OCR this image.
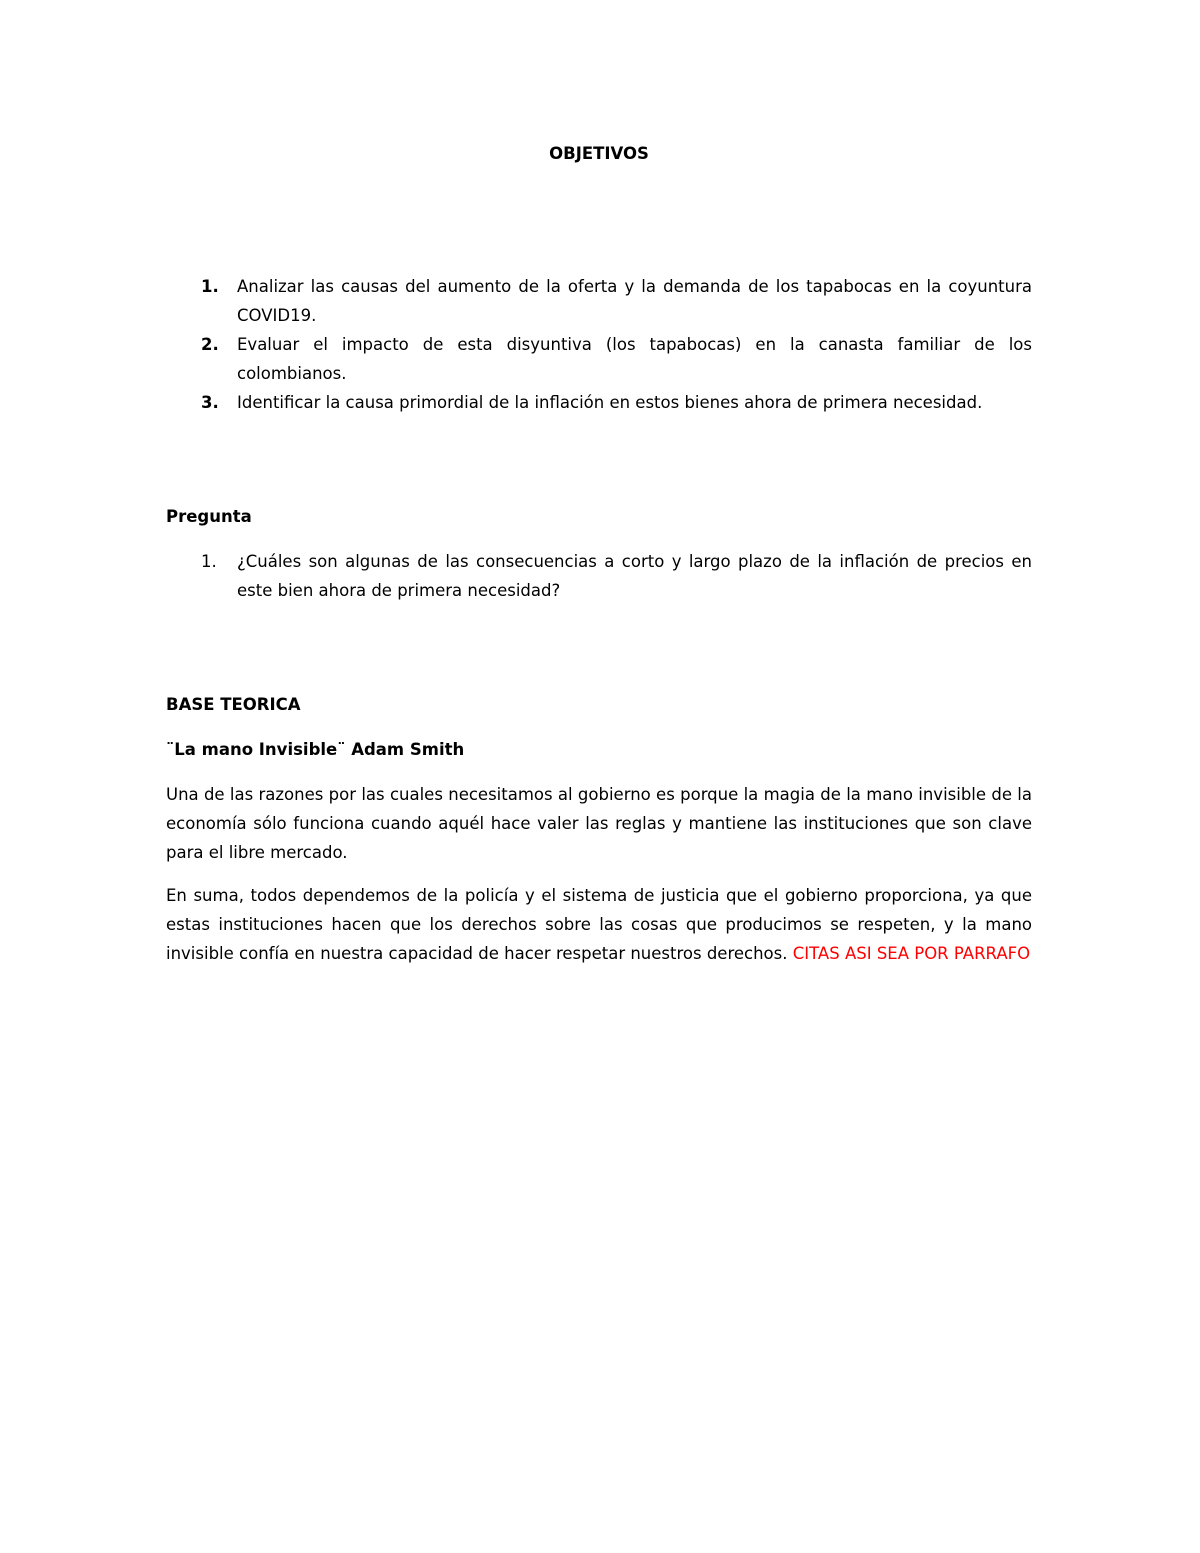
OBJETIVOS
1.	Analizar las causas del aumento de la oferta y la demanda de los tapabocas en la coyuntura COVID19.
2.	Evaluar el impacto de esta disyuntiva (los tapabocas) en la canasta familiar de los colombianos.
3.	Identificar la causa primordial de la inflación en estos bienes ahora de primera necesidad.
Pregunta
1.	¿Cuáles son algunas de las consecuencias a corto y largo plazo de la inflación de precios en este bien ahora de primera necesidad?
BASE TEORICA
¨La mano Invisible¨ Adam Smith

Una de las razones por las cuales necesitamos al gobierno es porque la magia de la mano invisible de la economía sólo funciona cuando aquél hace valer las reglas y mantiene las instituciones que son clave para el libre mercado.

En suma, todos dependemos de la policía y el sistema de justicia que el gobierno proporciona, ya que estas instituciones hacen que los derechos sobre las cosas que producimos se respeten, y la mano invisible confía en nuestra capacidad de hacer respetar nuestros derechos. CITAS ASI SEA POR PARRAFO
